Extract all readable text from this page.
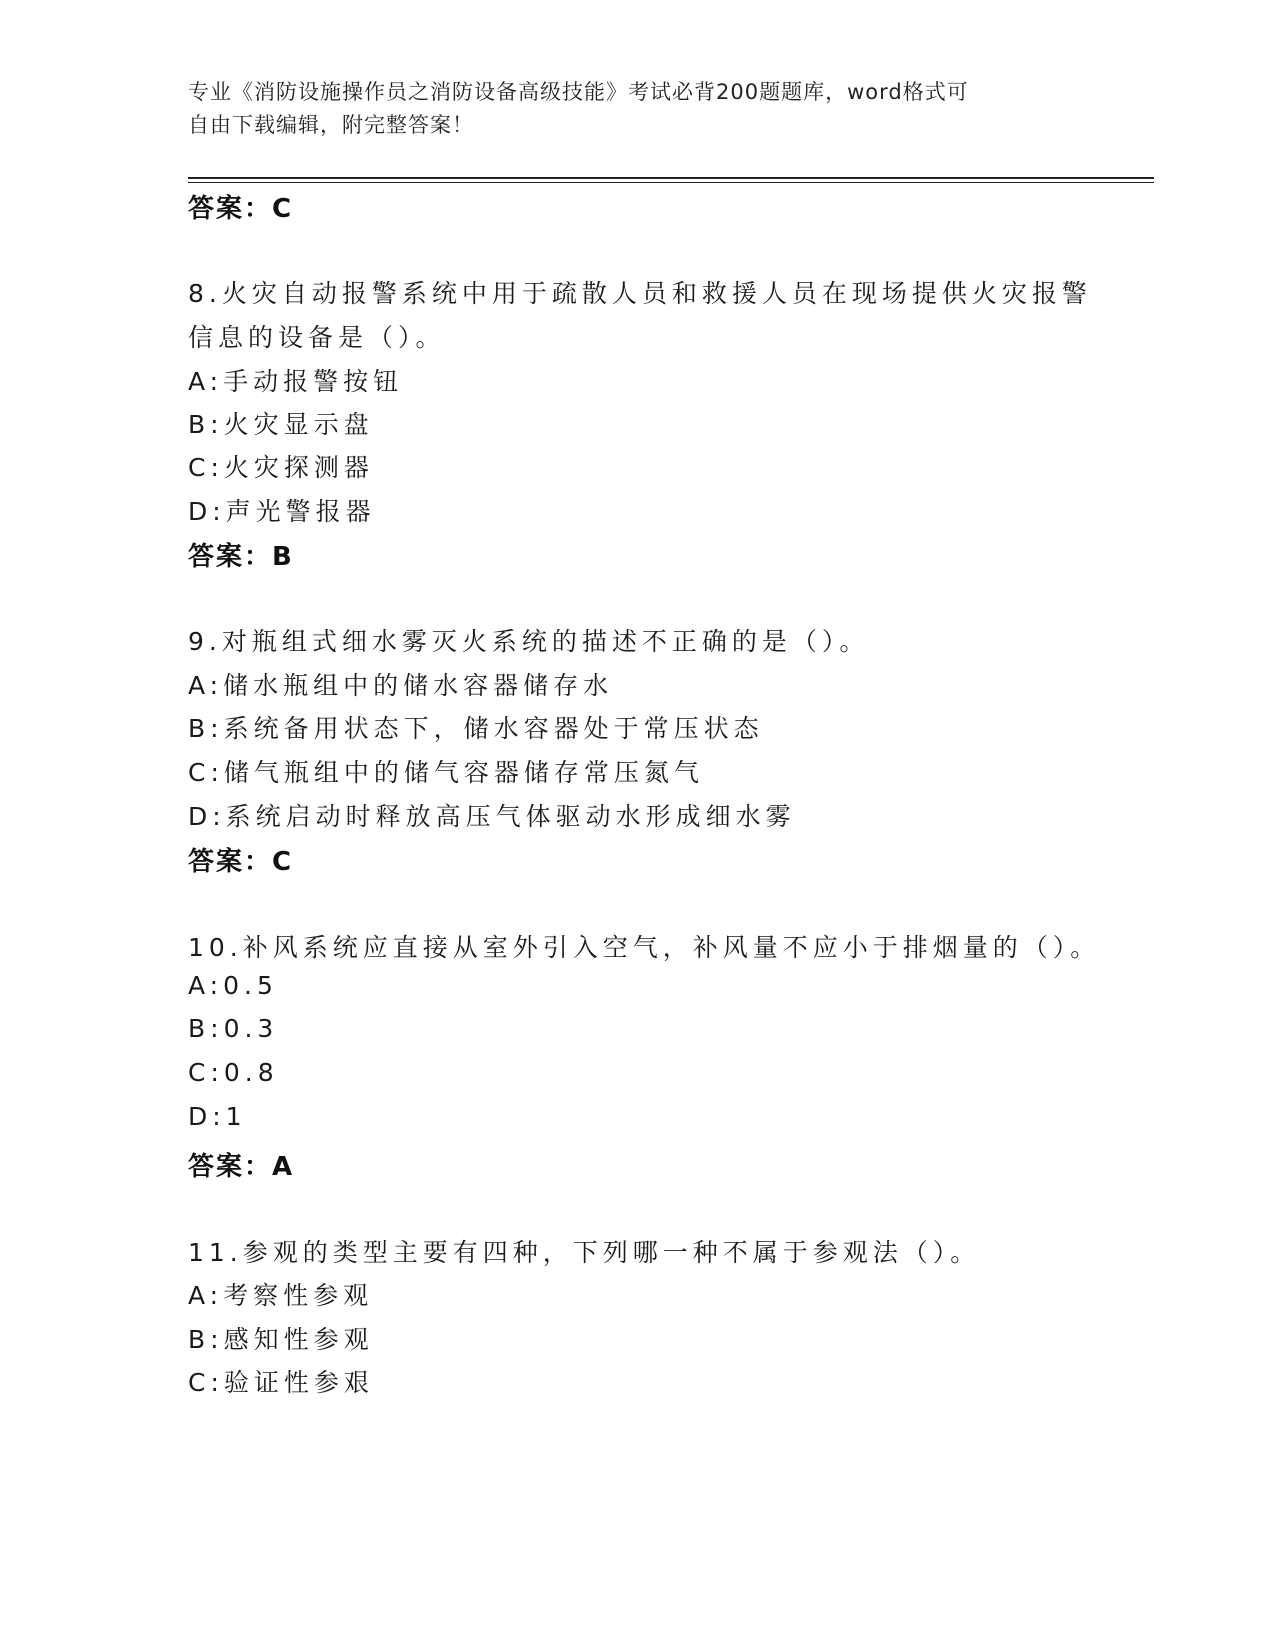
专业《消防设施操作员之消防设备高级技能》考试必背200题题库，word格式可
自由下载编辑，附完整答案！
答案：C
8.火灾自动报警系统中用于疏散人员和救援人员在现场提供火灾报警
信息的设备是（）。
A:手动报警按钮
B:火灾显示盘
C:火灾探测器
D:声光警报器
答案：B
9.对瓶组式细水雾灭火系统的描述不正确的是（）。
A:储水瓶组中的储水容器储存水
B:系统备用状态下，储水容器处于常压状态
C:储气瓶组中的储气容器储存常压氮气
D:系统启动时释放高压气体驱动水形成细水雾
答案：C
10.补风系统应直接从室外引入空气，补风量不应小于排烟量的（）。
A:0.5
B:0.3
C:0.8
D:1
答案：A
11.参观的类型主要有四种，下列哪一种不属于参观法（）。
A:考察性参观
B:感知性参观
C:验证性参艰
